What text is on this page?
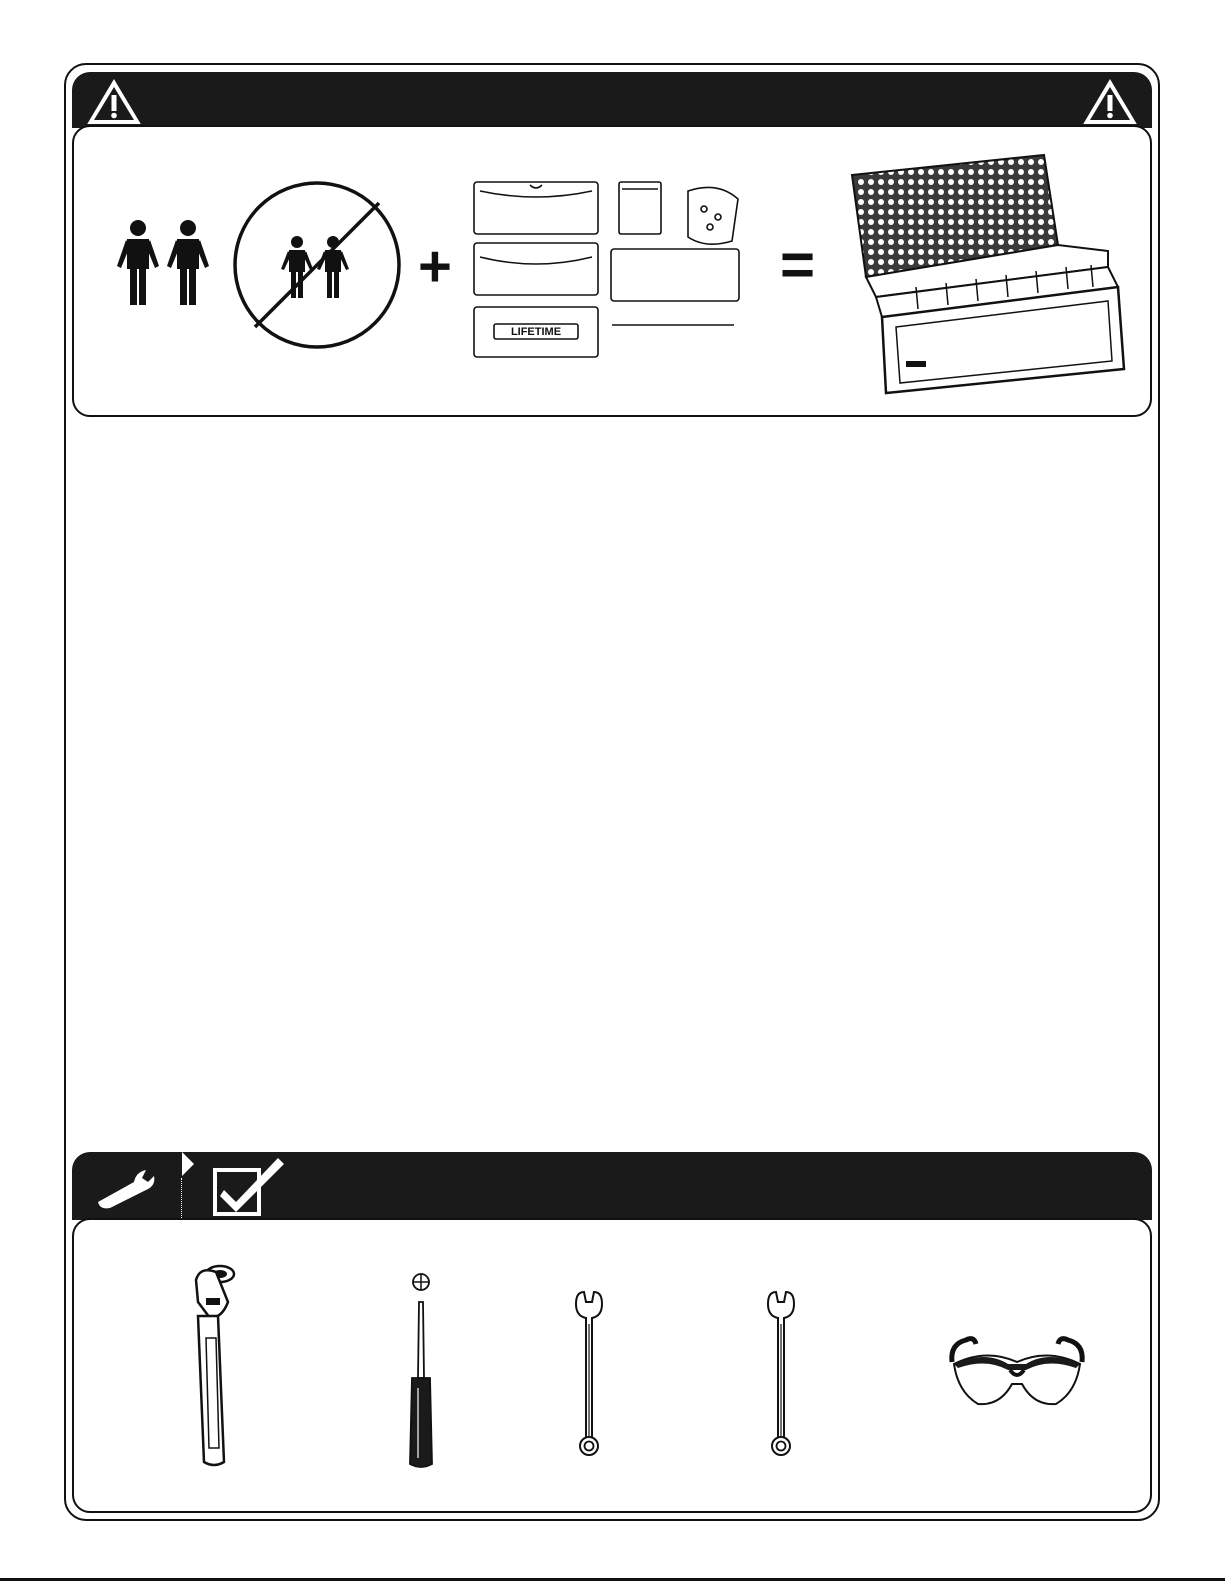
+
LIFETIME
=
